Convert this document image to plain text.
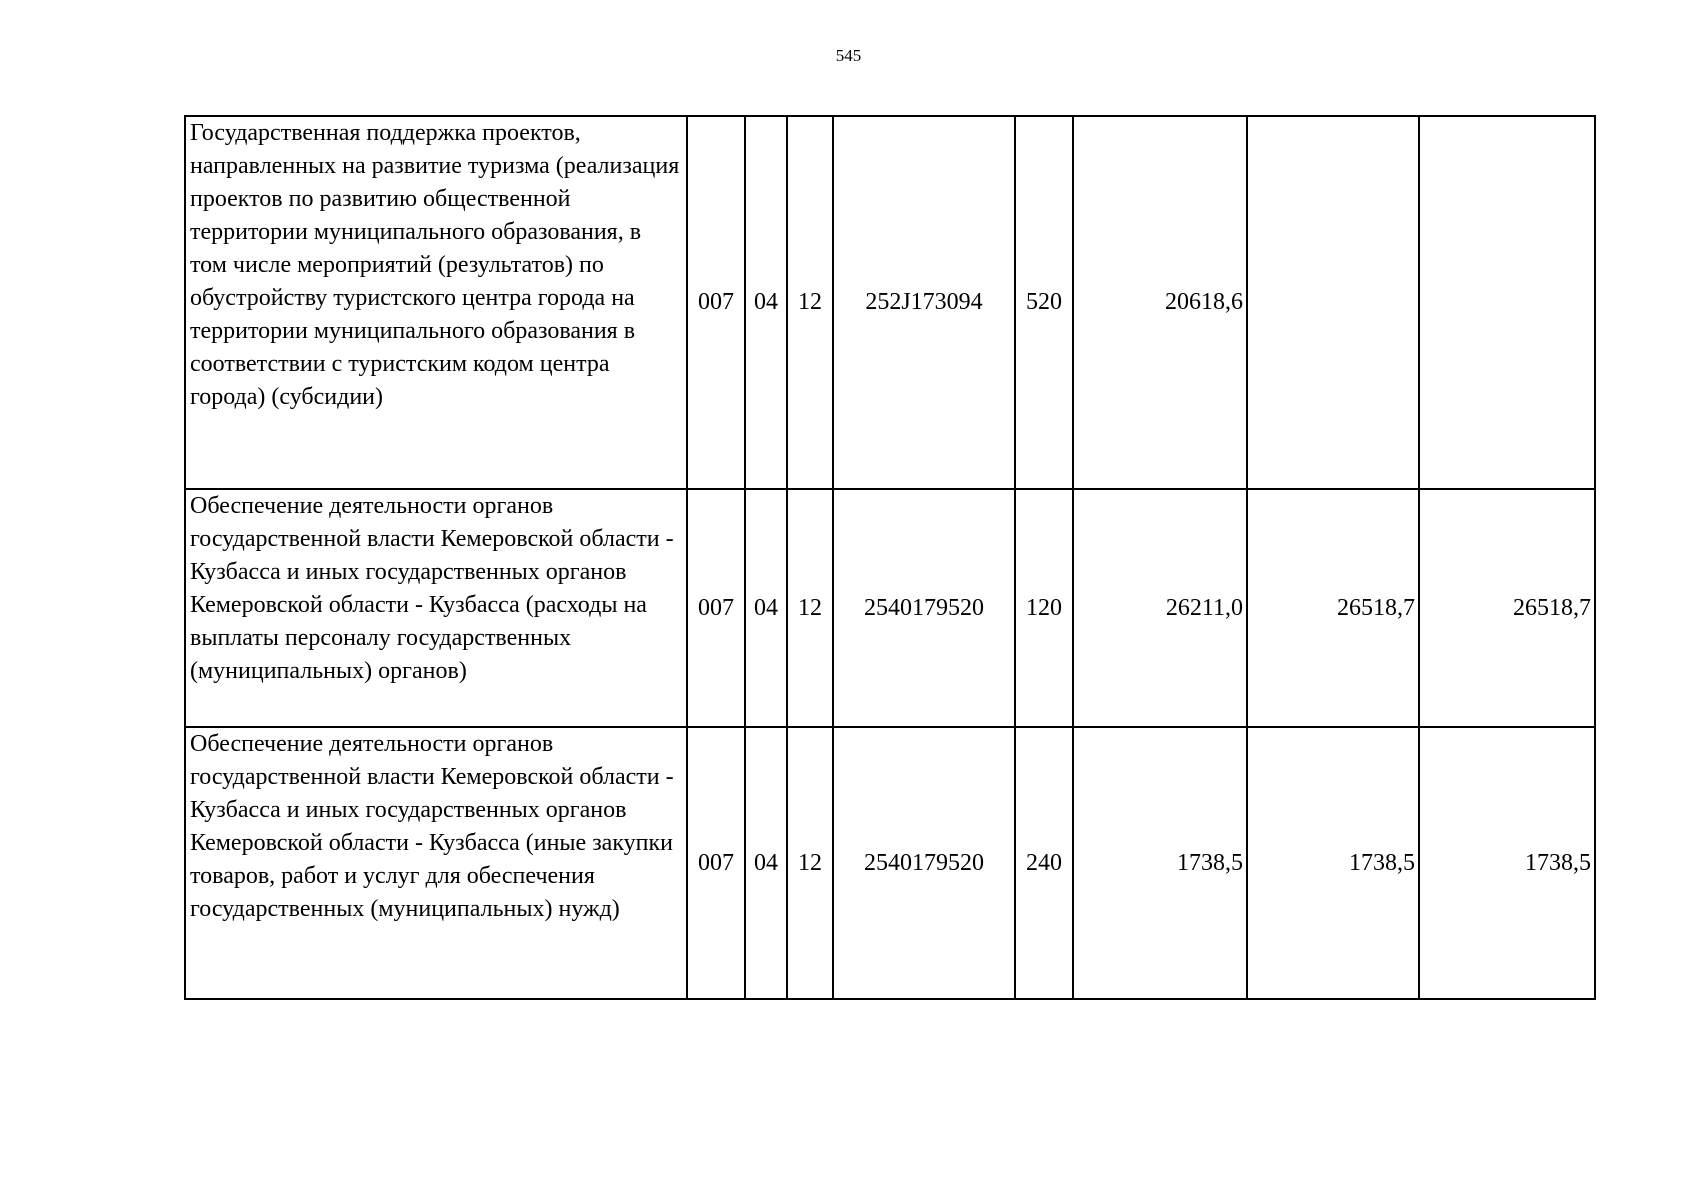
545
Государственная поддержка проектов, направленных на развитие туризма (реализация проектов по развитию общественной территории муниципального образования, в том числе мероприятий (результатов) по обустройству туристского центра города на территории муниципального образования в соответствии с туристским кодом центра города) (субсидии)	007	04	12	252J173094	520	20618,6		
Обеспечение деятельности органов государственной власти Кемеровской области - Кузбасса и иных государственных органов Кемеровской области - Кузбасса (расходы на выплаты персоналу государственных (муниципальных) органов)	007	04	12	2540179520	120	26211,0	26518,7	26518,7
Обеспечение деятельности органов государственной власти Кемеровской области - Кузбасса и иных государственных органов Кемеровской области - Кузбасса (иные закупки товаров, работ и услуг для обеспечения государственных (муниципальных) нужд)	007	04	12	2540179520	240	1738,5	1738,5	1738,5
